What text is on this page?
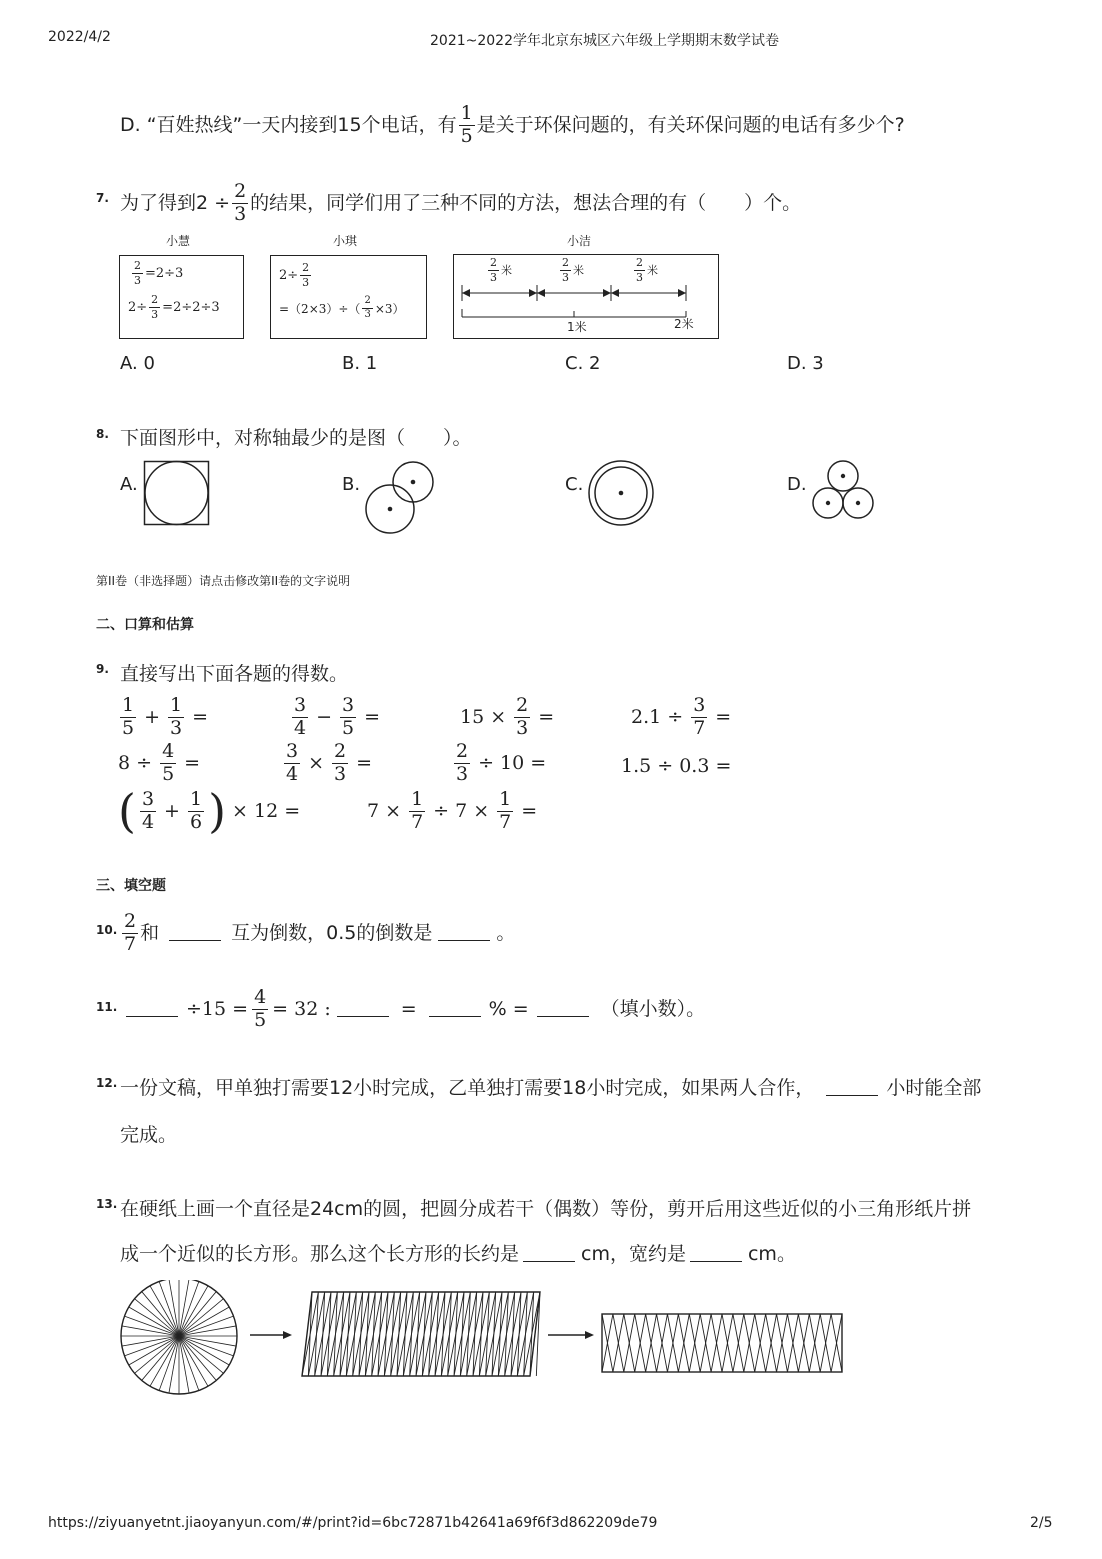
2022/4/2	2021~2022学年北京东城区六年级上学期期末数学试卷
D. “百姓热线”一天内接到15个电话，有 $\frac{1}{5}$ 是关于环保问题的，有关环保问题的电话有多少个?
7. 为了得到$2 \div \frac{2}{3}$ 的结果，同学们用了三种不同的方法，想法合理的有（　　）个。
小慧	小琪	小洁
$\frac{2}{3} =2\div 3$
$2\div \frac{2}{3} =2\div 2\div 3$
$2\div \frac{2}{3}$
$=(2\times 3)\div( \frac{2}{3} \times 3)$
$\frac{2}{3}$ 米	$\frac{2}{3}$ 米	$\frac{2}{3}$ 米
1米	2米
A. 0	B. 1	C. 2	D. 3
8. 下面图形中，对称轴最少的是图（　　）。
A.	B.	C.	D.
第II卷（非选择题）请点击修改第II卷的文字说明
二、口算和估算
9. 直接写出下面各题的得数。
$\frac{1}{5} + \frac{1}{3}$ =	$\frac{3}{4} - \frac{3}{5}$ =	$15 \times \frac{2}{3}$ =	$2.1 \div \frac{3}{7}$ =
$8 \div \frac{4}{5}$ =	$\frac{3}{4} \times \frac{2}{3}$ =	$\frac{2}{3} \div 10$ =	1.5 ÷ 0.3 =
( $\frac{3}{4} + \frac{1}{6}$ ) × 12 =	$7 \times \frac{1}{7} \div 7 \times \frac{1}{7}$ =
三、填空题
10. $\frac{2}{7}$ 和	互为倒数，0.5的倒数是	。
11.	$\div 15 = \frac{4}{5} = 32$ :	=	% =	（填小数）。
12. 一份文稿，甲单独打需要12小时完成，乙单独打需要18小时完成，如果两人合作，	小时能全部
完成。
13. 在硬纸上画一个直径是24cm的圆，把圆分成若干（偶数）等份，剪开后用这些近似的小三角形纸片拼
成一个近似的长方形。那么这个长方形的长约是	cm，宽约是	cm。
https://ziyuanyetnt.jiaoyanyun.com/#/print?id=6bc72871b42641a69f6f3d862209de79	2/5
